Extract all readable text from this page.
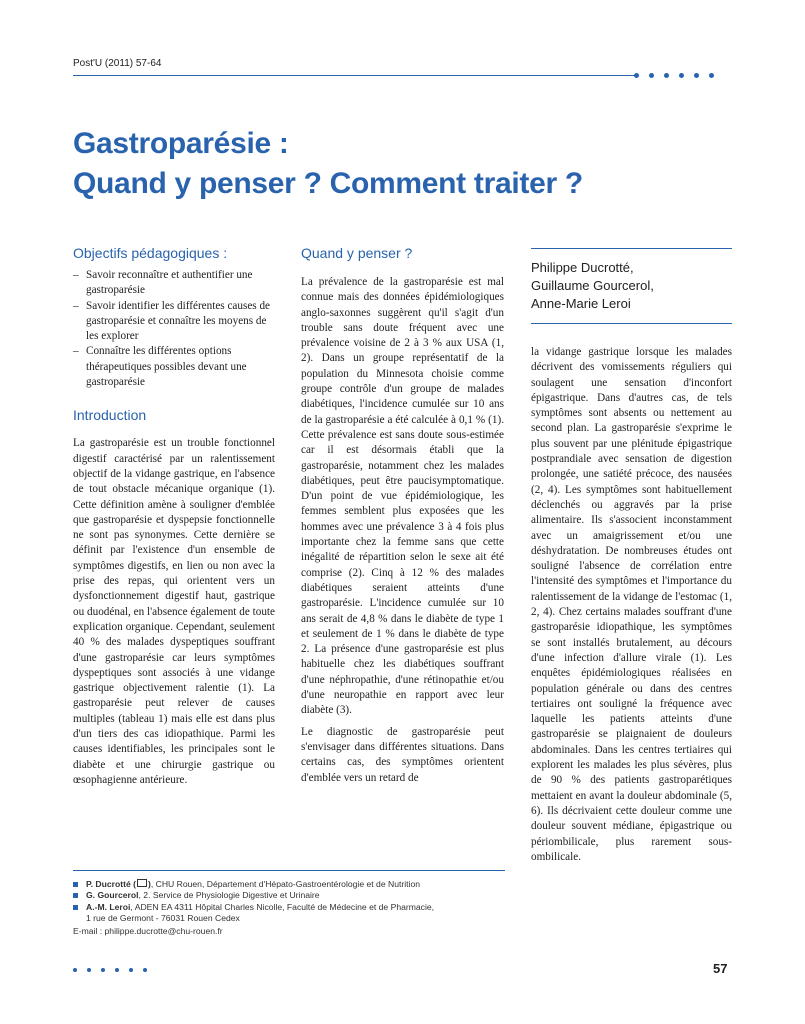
Post'U (2011) 57-64
Gastroparésie :
Quand y penser ? Comment traiter ?
Objectifs pédagogiques :
– Savoir reconnaître et authentifier une gastroparésie
– Savoir identifier les différentes causes de gastroparésie et connaître les moyens de les explorer
– Connaître les différentes options thérapeutiques possibles devant une gastroparésie
Introduction

La gastroparésie est un trouble fonctionnel digestif caractérisé par un ralentissement objectif de la vidange gastrique, en l'absence de tout obstacle mécanique organique (1). Cette définition amène à souligner d'emblée que gastroparésie et dyspepsie fonctionnelle ne sont pas synonymes. Cette dernière se définit par l'existence d'un ensemble de symptômes digestifs, en lien ou non avec la prise des repas, qui orientent vers un dysfonctionnement digestif haut, gastrique ou duodénal, en l'absence également de toute explication organique. Cependant, seulement 40 % des malades dyspeptiques souffrant d'une gastroparésie car leurs symptômes dyspeptiques sont associés à une vidange gastrique objectivement ralentie (1). La gastroparésie peut relever de causes multiples (tableau 1) mais elle est dans plus d'un tiers des cas idiopathique. Parmi les causes identifiables, les principales sont le diabète et une chirurgie gastrique ou œsophagienne antérieure.

Quand y penser ?

La prévalence de la gastroparésie est mal connue mais des données épidémiologiques anglo-saxonnes suggèrent qu'il s'agit d'un trouble sans doute fréquent avec une prévalence voisine de 2 à 3 % aux USA (1, 2). Dans un groupe représentatif de la population du Minnesota choisie comme groupe contrôle d'un groupe de malades diabétiques, l'incidence cumulée sur 10 ans de la gastroparésie a été calculée à 0,1 % (1). Cette prévalence est sans doute sous-estimée car il est désormais établi que la gastroparésie, notamment chez les malades diabétiques, peut être paucisymptomatique. D'un point de vue épidémiologique, les femmes semblent plus exposées que les hommes avec une prévalence 3 à 4 fois plus importante chez la femme sans que cette inégalité de répartition selon le sexe ait été comprise (2). Cinq à 12 % des malades diabétiques seraient atteints d'une gastroparésie. L'incidence cumulée sur 10 ans serait de 4,8 % dans le diabète de type 1 et seulement de 1 % dans le diabète de type 2. La présence d'une gastroparésie est plus habituelle chez les diabétiques souffrant d'une néphropathie, d'une rétinopathie et/ou d'une neuropathie en rapport avec leur diabète (3).

Le diagnostic de gastroparésie peut s'envisager dans différentes situations. Dans certains cas, des symptômes orientent d'emblée vers un retard de

Philippe Ducrotté,
Guillaume Gourcerol,
Anne-Marie Leroi

la vidange gastrique lorsque les malades décrivent des vomissements réguliers qui soulagent une sensation d'inconfort épigastrique. Dans d'autres cas, de tels symptômes sont absents ou nettement au second plan. La gastroparésie s'exprime le plus souvent par une plénitude épigastrique postprandiale avec sensation de digestion prolongée, une satiété précoce, des nausées (2, 4). Les symptômes sont habituellement déclenchés ou aggravés par la prise alimentaire. Ils s'associent inconstamment avec un amaigrissement et/ou une déshydratation. De nombreuses études ont souligné l'absence de corrélation entre l'intensité des symptômes et l'importance du ralentissement de la vidange de l'estomac (1, 2, 4). Chez certains malades souffrant d'une gastroparésie idiopathique, les symptômes se sont installés brutalement, au décours d'une infection d'allure virale (1). Les enquêtes épidémiologiques réalisées en population générale ou dans des centres tertiaires ont souligné la fréquence avec laquelle les patients atteints d'une gastroparésie se plaignaient de douleurs abdominales. Dans les centres tertiaires qui explorent les malades les plus sévères, plus de 90 % des patients gastroparétiques mettaient en avant la douleur abdominale (5, 6). Ils décrivaient cette douleur comme une douleur souvent médiane, épigastrique ou périombilicale, plus rarement sous-ombilicale.

P. Ducrotté ( ), CHU Rouen, Département d'Hépato-Gastroentérologie et de Nutrition
G. Gourcerol, 2. Service de Physiologie Digestive et Urinaire
A.-M. Leroi, ADEN EA 4311 Hôpital Charles Nicolle, Faculté de Médecine et de Pharmacie,
1 rue de Germont - 76031 Rouen Cedex
E-mail : philippe.ducrotte@chu-rouen.fr
57
